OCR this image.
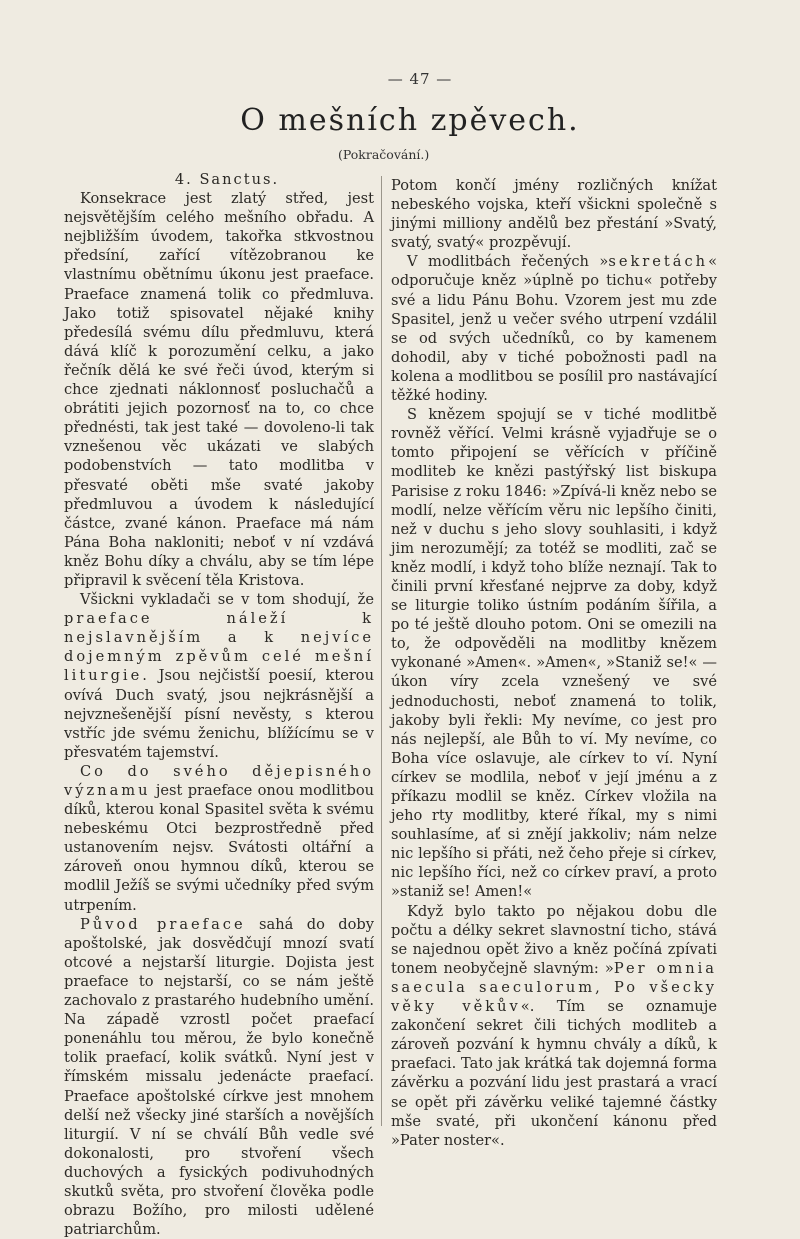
— 47 —
O mešních zpěvech.
(Pokračování.)

4. Sanctus.

Konsekrace jest zlatý střed, jest nejsvětějším celého mešního obřadu. A nejbližším úvodem, takořka stkvostnou předsíní, zařící vítězobranou ke vlastnímu obětnímu úkonu jest praeface. Praeface znamená tolik co předmluva. Jako totiž spisovatel nějaké knihy předesílá svému dílu předmluvu, která dává klíč k porozumění celku, a jako řečník dělá ke své řeči úvod, kterým si chce zjednati náklonnosť posluchačů a obrátiti jejich pozornosť na to, co chce přednésti, tak jest také — dovoleno-li tak vznešenou věc ukázati ve slabých podobenstvích — tato modlitba v přesvaté oběti mše svaté jakoby předmluvou a úvodem k následující částce, zvané kánon. Praeface má nám Pána Boha nakloniti; neboť v ní vzdává kněz Bohu díky a chválu, aby se tím lépe připravil k svěcení těla Kristova.

Všickni vykladači se v tom shodují, že praeface náleží k nejslavnějším a k nejvíce dojemným zpěvům celé mešní liturgie. Jsou nejčistší poesií, kterou ovívá Duch svatý, jsou nejkrásnější a nejvznešenější písní nevěsty, s kterou vstříc jde svému ženichu, blížícímu se v přesvatém tajemství.

Co do svého dějepisného významu jest praeface onou modlitbou díků, kterou konal Spasitel světa k svému nebeskému Otci bezprostředně před ustanovením nejsv. Svátosti oltářní a zároveň onou hymnou díků, kterou se modlil Ježíš se svými učedníky před svým utrpením.

Původ praeface sahá do doby apoštolské, jak dosvědčují mnozí svatí otcové a nejstarší liturgie. Dojista jest praeface to nejstarší, co se nám ještě zachovalo z prastarého hudebního umění. Na západě vzrostl počet praefací ponenáhlu tou měrou, že bylo konečně tolik praefací, kolik svátků. Nyní jest v římském missalu jedenácte praefací. Praeface apoštolské církve jest mnohem delší než všecky jiné starších a novějších liturgií. V ní se chválí Bůh vedle své dokonalosti, pro stvoření všech duchových a fysických podivuhodných skutků světa, pro stvoření člověka podle obrazu Božího, pro milosti udělené patriarchům.

Potom končí jmény rozličných knížat nebeského vojska, kteří všickni společně s jinými milliony andělů bez přestání »Svatý, svatý, svatý« prozpěvují.

V modlitbách řečených »sekretách« odporučuje kněz »úplně po tichu« potřeby své a lidu Pánu Bohu. Vzorem jest mu zde Spasitel, jenž u večer svého utrpení vzdálil se od svých učedníků, co by kamenem dohodil, aby v tiché pobožnosti padl na kolena a modlitbou se posílil pro nastávající těžké hodiny.

S knězem spojují se v tiché modlitbě rovněž věřící. Velmi krásně vyjadřuje se o tomto připojení se věřících v příčině modliteb ke knězi pastýřský list biskupa Parisise z roku 1846: »Zpívá-li kněz nebo se modlí, nelze věřícím věru nic lepšího činiti, než v duchu s jeho slovy souhlasiti, i když jim nerozumějí; za totéž se modliti, zač se kněz modlí, i když toho blíže neznají. Tak to činili první křesťané nejprve za doby, když se liturgie toliko ústním podáním šířila, a po té ještě dlouho potom. Oni se omezili na to, že odpověděli na modlitby knězem vykonané »Amen«. »Amen«, »Staniž se!« — úkon víry zcela vznešený ve své jednoduchosti, neboť znamená to tolik, jakoby byli řekli: My nevíme, co jest pro nás nejlepší, ale Bůh to ví. My nevíme, co Boha více oslavuje, ale církev to ví. Nyní církev se modlila, neboť v její jménu a z příkazu modlil se kněz. Církev vložila na jeho rty modlitby, které říkal, my s nimi souhlasíme, ať si znějí jakkoliv; nám nelze nic lepšího si přáti, než čeho přeje si církev, nic lepšího říci, než co církev praví, a proto »staniž se! Amen!«

Když bylo takto po nějakou dobu dle počtu a délky sekret slavnostní ticho, stává se najednou opět živo a kněz počíná zpívati tonem neobyčejně slavným: »Per omnia saecula saeculorum, Po všecky věky věkův«. Tím se oznamuje zakončení sekret čili tichých modliteb a zároveň pozvání k hymnu chvály a díků, k praefaci. Tato jak krátká tak dojemná forma závěrku a pozvání lidu jest prastará a vrací se opět při závěrku veliké tajemné částky mše svaté, při ukončení kánonu před »Pater noster«.
